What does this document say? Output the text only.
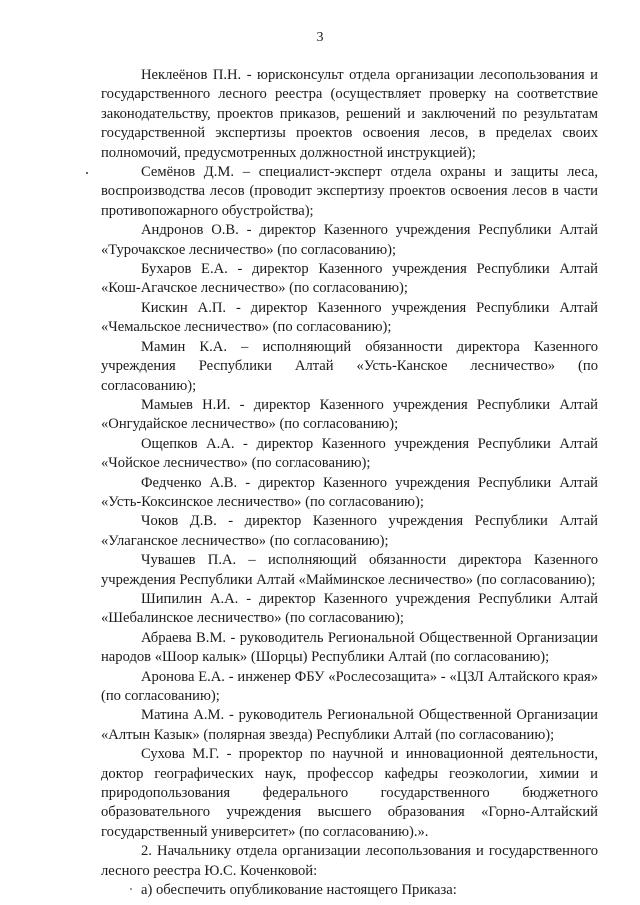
3

Неклеёнов П.Н. - юрисконсульт отдела организации лесопользования и государственного лесного реестра (осуществляет проверку на соответствие законодательству, проектов приказов, решений и заключений по результатам государственной экспертизы проектов освоения лесов, в пределах своих полномочий, предусмотренных должностной инструкцией);

Семёнов Д.М. – специалист-эксперт отдела охраны и защиты леса, воспроизводства лесов (проводит экспертизу проектов освоения лесов в части противопожарного обустройства);

Андронов О.В. - директор Казенного учреждения Республики Алтай «Турочакское лесничество» (по согласованию);

Бухаров Е.А. - директор Казенного учреждения Республики Алтай «Кош-Агачское лесничество» (по согласованию);

Кискин А.П. - директор Казенного учреждения Республики Алтай «Чемальское лесничество» (по согласованию);

Мамин К.А. – исполняющий обязанности директора Казенного учреждения Республики Алтай «Усть-Канское лесничество» (по согласованию);

Мамыев Н.И. - директор Казенного учреждения Республики Алтай «Онгудайское лесничество» (по согласованию);

Ощепков А.А. - директор Казенного учреждения Республики Алтай «Чойское лесничество» (по согласованию);

Федченко А.В. - директор Казенного учреждения Республики Алтай «Усть-Коксинское лесничество» (по согласованию);

Чоков Д.В. - директор Казенного учреждения Республики Алтай «Улаганское лесничество» (по согласованию);

Чувашев П.А. – исполняющий обязанности директора Казенного учреждения Республики Алтай «Майминское лесничество» (по согласованию);

Шипилин А.А. - директор Казенного учреждения Республики Алтай «Шебалинское лесничество» (по согласованию);

Абраева В.М. - руководитель Региональной Общественной Организации народов «Шоор калык» (Шорцы) Республики Алтай (по согласованию);

Аронова Е.А. - инженер ФБУ «Рослесозащита» - «ЦЗЛ Алтайского края» (по согласованию);

Матина А.М. - руководитель Региональной Общественной Организации «Алтын Казык» (полярная звезда) Республики Алтай (по согласованию);

Сухова М.Г. - проректор по научной и инновационной деятельности, доктор географических наук, профессор кафедры геоэкологии, химии и природопользования федерального государственного бюджетного образовательного учреждения высшего образования «Горно-Алтайский государственный университет» (по согласованию).».

2. Начальнику отдела организации лесопользования и государственного лесного реестра Ю.С. Коченковой:

а) обеспечить опубликование настоящего Приказа:
